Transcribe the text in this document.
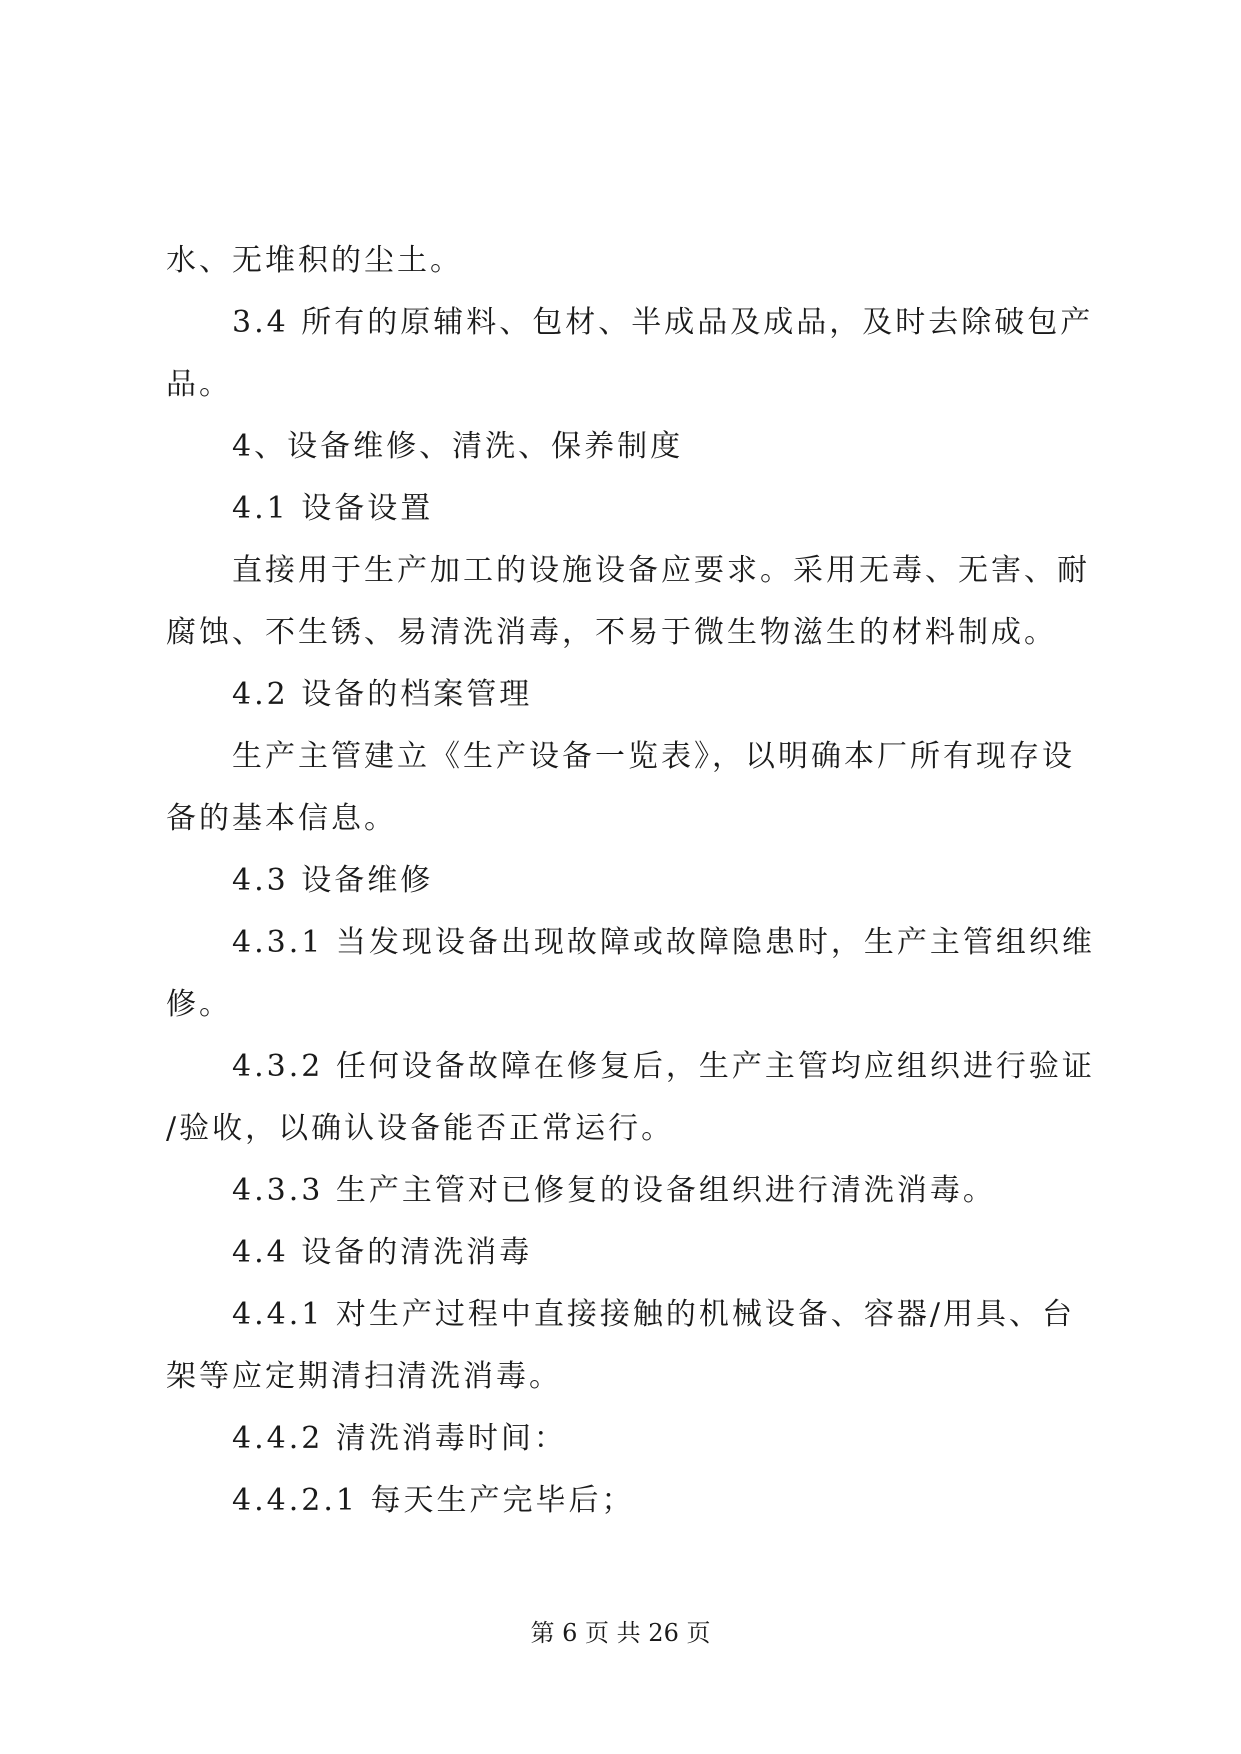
水、无堆积的尘土。
3.4 所有的原辅料、包材、半成品及成品，及时去除破包产
品。
4、设备维修、清洗、保养制度
4.1 设备设置
直接用于生产加工的设施设备应要求。采用无毒、无害、耐
腐蚀、不生锈、易清洗消毒，不易于微生物滋生的材料制成。
4.2 设备的档案管理
生产主管建立《生产设备一览表》，以明确本厂所有现存设
备的基本信息。
4.3 设备维修
4.3.1 当发现设备出现故障或故障隐患时，生产主管组织维
修。
4.3.2 任何设备故障在修复后，生产主管均应组织进行验证
/验收，以确认设备能否正常运行。
4.3.3 生产主管对已修复的设备组织进行清洗消毒。
4.4 设备的清洗消毒
4.4.1 对生产过程中直接接触的机械设备、容器/用具、台
架等应定期清扫清洗消毒。
4.4.2 清洗消毒时间：
4.4.2.1 每天生产完毕后；
第 6 页 共 26 页
